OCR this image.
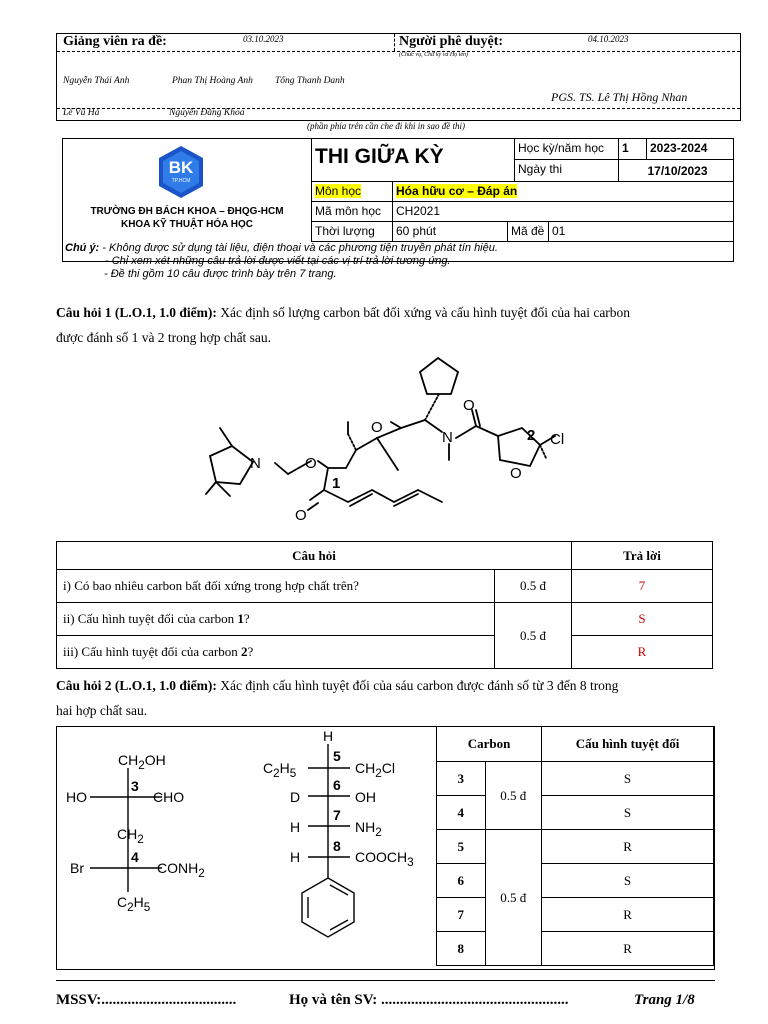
Giảng viên ra đề:	03.10.2023	Người phê duyệt:	04.10.2023
(Chức vụ, Chữ ký và Họ tên)
Nguyễn Thái Anh	Phan Thị Hoàng Anh Tống Thanh Danh
Lê Vũ Hà	Nguyễn Đăng Khoa
PGS. TS. Lê Thị Hồng Nhan
(phần phía trên cần che đi khi in sao đề thi)
BK
TP.HCM
TRƯỜNG ĐH BÁCH KHOA – ĐHQG-HCM
KHOA KỸ THUẬT HÓA HỌC
THI GIỮA KỲ	Học kỳ/năm học	1	2023-2024
Ngày thi	17/10/2023
Môn học	Hóa hữu cơ – Đáp án
Mã môn học	CH2021
Thời lượng	60 phút	Mã đề 01
Chú ý: - Không được sử dụng tài liệu, điện thoại và các phương tiện truyền phát tín hiệu.
- Chỉ xem xét những câu trả lời được viết tại các vị trí trả lời tương ứng.
- Đề thi gồm 10 câu được trình bày trên 7 trang.
Câu hỏi 1 (L.O.1, 1.0 điểm): Xác định số lượng carbon bất đối xứng và cấu hình tuyệt đối của hai carbon
được đánh số 1 và 2 trong hợp chất sau.
N
O
O
O
Cl
2
O
1
O
N
Câu hỏi		Trả lời
i) Có bao nhiêu carbon bất đối xứng trong hợp chất trên?	0.5 đ	7
ii) Cấu hình tuyệt đối của carbon 1?	0.5 đ	S
iii) Cấu hình tuyệt đối của carbon 2?		R
Câu hỏi 2 (L.O.1, 1.0 điểm): Xác định cấu hình tuyệt đối của sáu carbon được đánh số từ 3 đến 8 trong
hai hợp chất sau.
$CH_2OH$
HO	CHO
3
$CH_2$
Br	$CONH_2$
4
$C_2H_5$
H
$C_2H_5$	$CH_2Cl$
5
D	OH
6
H	$NH_2$
7
H	$COOCH_3$
8
Carbon		Cấu hình tuyệt đối
3	0.5 đ	S
4		S
5	0.5 đ	R
6		S
7		R
8		R
MSSV:....................................	Họ và tên SV: ..................................................	Trang 1/8
